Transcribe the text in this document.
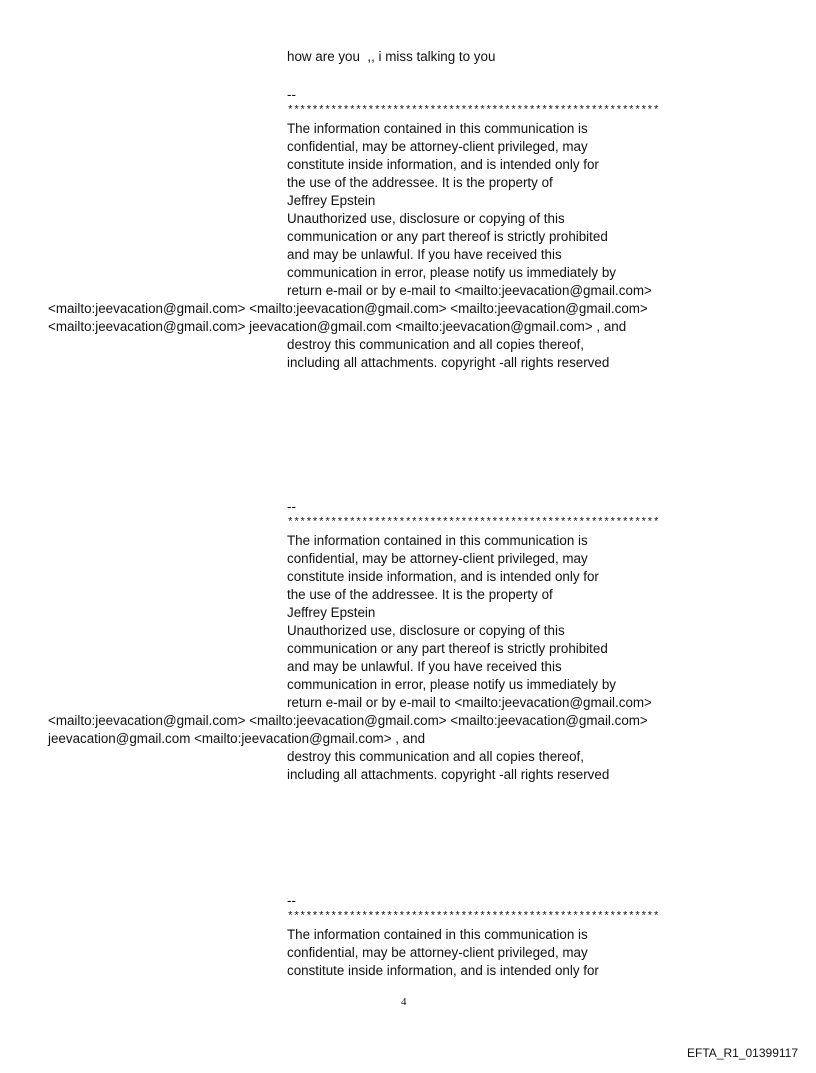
how are you  ,, i miss talking to you
--
************************************************************
The information contained in this communication is
confidential, may be attorney-client privileged, may
constitute inside information, and is intended only for
the use of the addressee. It is the property of
Jeffrey Epstein
Unauthorized use, disclosure or copying of this
communication or any part thereof is strictly prohibited
and may be unlawful. If you have received this
communication in error, please notify us immediately by
return e-mail or by e-mail to <mailto:jeevacation@gmail.com>
<mailto:jeevacation@gmail.com> <mailto:jeevacation@gmail.com> <mailto:jeevacation@gmail.com>
<mailto:jeevacation@gmail.com> jeevacation@gmail.com <mailto:jeevacation@gmail.com> , and
destroy this communication and all copies thereof,
including all attachments. copyright -all rights reserved
--
************************************************************
The information contained in this communication is
confidential, may be attorney-client privileged, may
constitute inside information, and is intended only for
the use of the addressee. It is the property of
Jeffrey Epstein
Unauthorized use, disclosure or copying of this
communication or any part thereof is strictly prohibited
and may be unlawful. If you have received this
communication in error, please notify us immediately by
return e-mail or by e-mail to <mailto:jeevacation@gmail.com>
<mailto:jeevacation@gmail.com> <mailto:jeevacation@gmail.com> <mailto:jeevacation@gmail.com>
jeevacation@gmail.com <mailto:jeevacation@gmail.com> , and
destroy this communication and all copies thereof,
including all attachments. copyright -all rights reserved
--
************************************************************
The information contained in this communication is
confidential, may be attorney-client privileged, may
constitute inside information, and is intended only for
4
EFTA_R1_01399117
